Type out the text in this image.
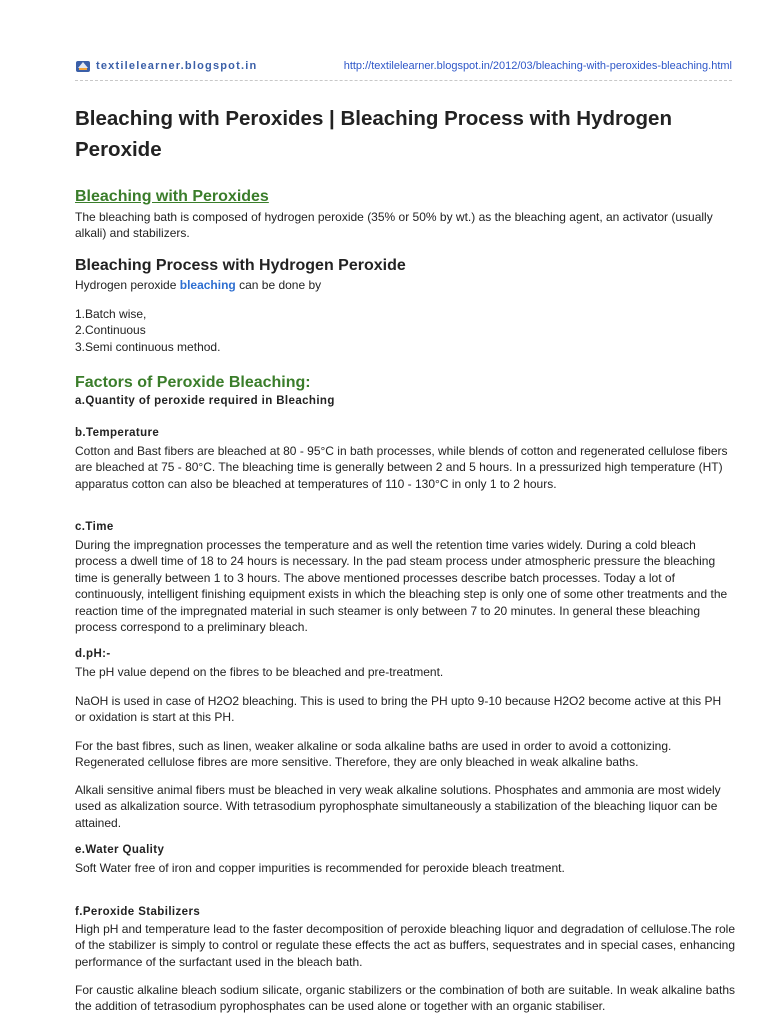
textilelearner.blogspot.in	http://textilelearner.blogspot.in/2012/03/bleaching-with-peroxides-bleaching.html
Bleaching with Peroxides | Bleaching Process with Hydrogen Peroxide
Bleaching with Peroxides

The bleaching bath is composed of hydrogen peroxide (35% or 50% by wt.) as the bleaching agent, an activator (usually alkali) and stabilizers.

Bleaching Process with Hydrogen Peroxide

Hydrogen peroxide bleaching can be done by

1.Batch wise,
2.Continuous
3.Semi continuous method.
Factors of Peroxide Bleaching:
a.Quantity of peroxide required in Bleaching
b.Temperature

Cotton and Bast fibers are bleached at 80 - 95°C in bath processes, while blends of cotton and regenerated cellulose fibers are bleached at 75 - 80°C. The bleaching time is generally between 2 and 5 hours. In a pressurized high temperature (HT) apparatus cotton can also be bleached at temperatures of 110 - 130°C in only 1 to 2 hours.

c.Time

During the impregnation processes the temperature and as well the retention time varies widely. During a cold bleach process a dwell time of 18 to 24 hours is necessary. In the pad steam process under atmospheric pressure the bleaching time is generally between 1 to 3 hours. The above mentioned processes describe batch processes. Today a lot of continuously, intelligent finishing equipment exists in which the bleaching step is only one of some other treatments and the reaction time of the impregnated material in such steamer is only between 7 to 20 minutes. In general these bleaching process correspond to a preliminary bleach.

d.pH:-

The pH value depend on the fibres to be bleached and pre-treatment.

NaOH is used in case of H2O2 bleaching. This is used to bring the PH upto 9-10 because H2O2 become active at this PH or oxidation is start at this PH.

For the bast fibres, such as linen, weaker alkaline or soda alkaline baths are used in order to avoid a cottonizing. Regenerated cellulose fibres are more sensitive. Therefore, they are only bleached in weak alkaline baths.

Alkali sensitive animal fibers must be bleached in very weak alkaline solutions. Phosphates and ammonia are most widely used as alkalization source. With tetrasodium pyrophosphate simultaneously a stabilization of the bleaching liquor can be attained.

e.Water Quality

Soft Water free of iron and copper impurities is recommended for peroxide bleach treatment.

f.Peroxide Stabilizers

High pH and temperature lead to the faster decomposition of peroxide bleaching liquor and degradation of cellulose.The role of the stabilizer is simply to control or regulate these effects the act as buffers, sequestrates and in special cases, enhancing performance of the surfactant used in the bleach bath.

For caustic alkaline bleach sodium silicate, organic stabilizers or the combination of both are suitable. In weak alkaline baths the addition of tetrasodium pyrophosphates can be used alone or together with an organic stabiliser.
